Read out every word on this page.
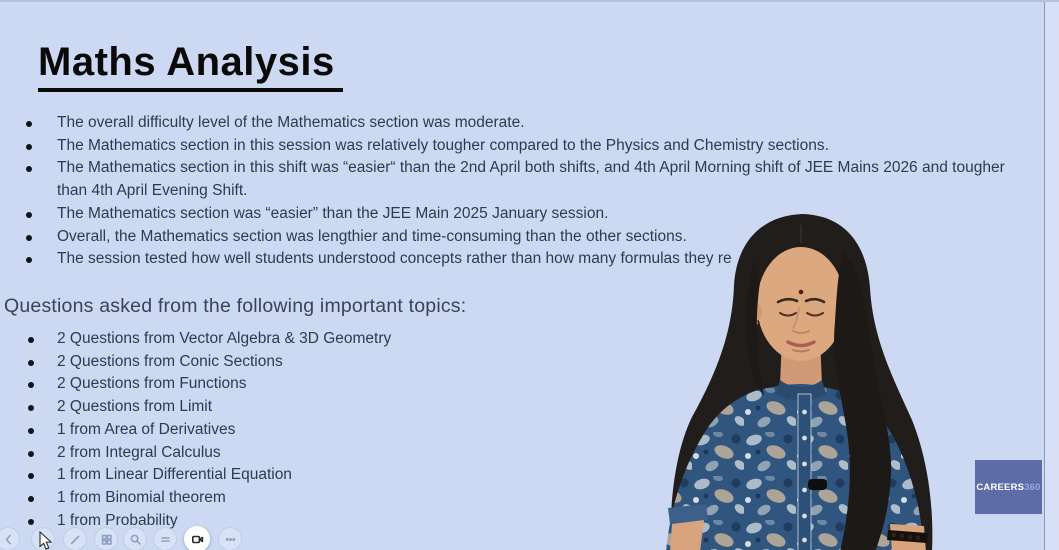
Maths Analysis
The overall difficulty level of the Mathematics section was moderate.
The Mathematics section in this session was relatively tougher compared to the Physics and Chemistry sections.
The Mathematics section in this shift was “easier“ than the 2nd April both shifts, and 4th April Morning shift of JEE Mains 2026 and tougher than 4th April Evening Shift.
The Mathematics section was “easier” than the JEE Main 2025 January session.
Overall, the Mathematics section was lengthier and time-consuming than the other sections.
The session tested how well students understood concepts rather than how many formulas they re
Questions asked from the following important topics:
2 Questions from Vector Algebra & 3D Geometry
2 Questions from Conic Sections
2 Questions from Functions
2 Questions from Limit
1 from Area of Derivatives
2 from Integral Calculus
1 from Linear Differential Equation
1 from Binomial theorem
1 from Probability
CAREERS 360
